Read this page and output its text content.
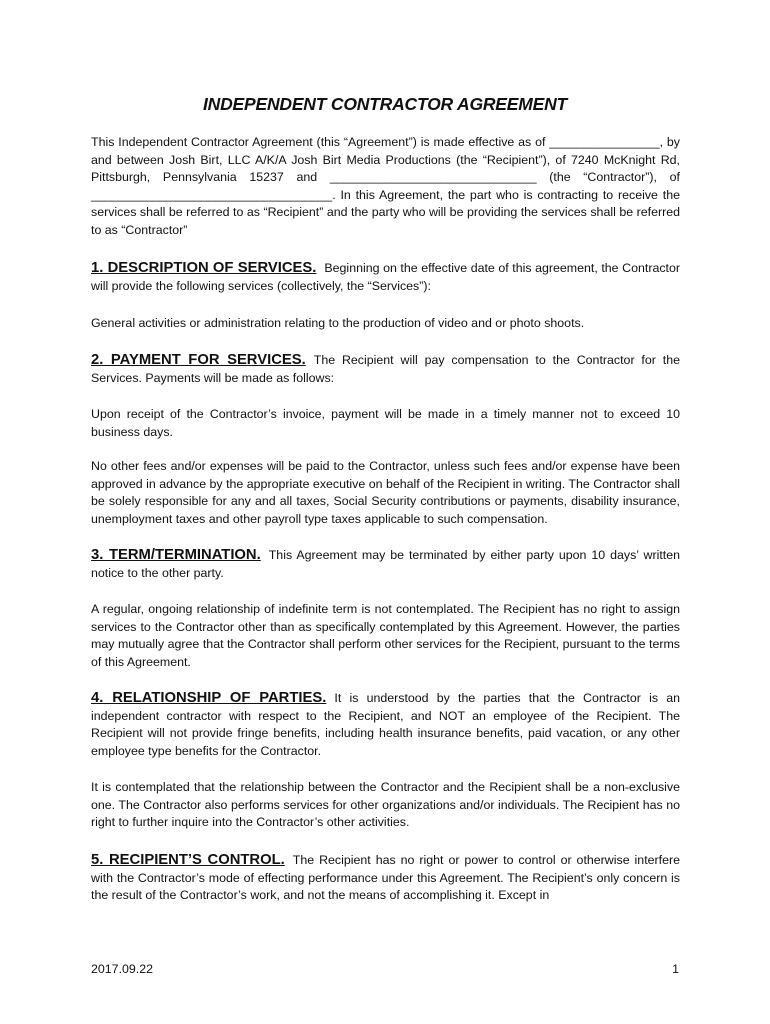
INDEPENDENT CONTRACTOR AGREEMENT
This Independent Contractor Agreement (this “Agreement”) is made effective as of ________________, by and between Josh Birt, LLC A/K/A Josh Birt Media Productions (the “Recipient”), of 7240 McKnight Rd, Pittsburgh, Pennsylvania 15237 and ______________________________ (the “Contractor”), of ___________________________________. In this Agreement, the part who is contracting to receive the services shall be referred to as “Recipient” and the party who will be providing the services shall be referred to as “Contractor”
1. DESCRIPTION OF SERVICES. Beginning on the effective date of this agreement, the Contractor will provide the following services (collectively, the “Services”):
General activities or administration relating to the production of video and or photo shoots.
2. PAYMENT FOR SERVICES. The Recipient will pay compensation to the Contractor for the Services. Payments will be made as follows:
Upon receipt of the Contractor’s invoice, payment will be made in a timely manner not to exceed 10 business days.
No other fees and/or expenses will be paid to the Contractor, unless such fees and/or expense have been approved in advance by the appropriate executive on behalf of the Recipient in writing. The Contractor shall be solely responsible for any and all taxes, Social Security contributions or payments, disability insurance, unemployment taxes and other payroll type taxes applicable to such compensation.
3. TERM/TERMINATION. This Agreement may be terminated by either party upon 10 days’ written notice to the other party.
A regular, ongoing relationship of indefinite term is not contemplated. The Recipient has no right to assign services to the Contractor other than as specifically contemplated by this Agreement. However, the parties may mutually agree that the Contractor shall perform other services for the Recipient, pursuant to the terms of this Agreement.
4. RELATIONSHIP OF PARTIES. It is understood by the parties that the Contractor is an independent contractor with respect to the Recipient, and NOT an employee of the Recipient. The Recipient will not provide fringe benefits, including health insurance benefits, paid vacation, or any other employee type benefits for the Contractor.
It is contemplated that the relationship between the Contractor and the Recipient shall be a non-exclusive one. The Contractor also performs services for other organizations and/or individuals. The Recipient has no right to further inquire into the Contractor’s other activities.
5. RECIPIENT’S CONTROL. The Recipient has no right or power to control or otherwise interfere with the Contractor’s mode of effecting performance under this Agreement. The Recipient’s only concern is the result of the Contractor’s work, and not the means of accomplishing it. Except in
2017.09.22	1
